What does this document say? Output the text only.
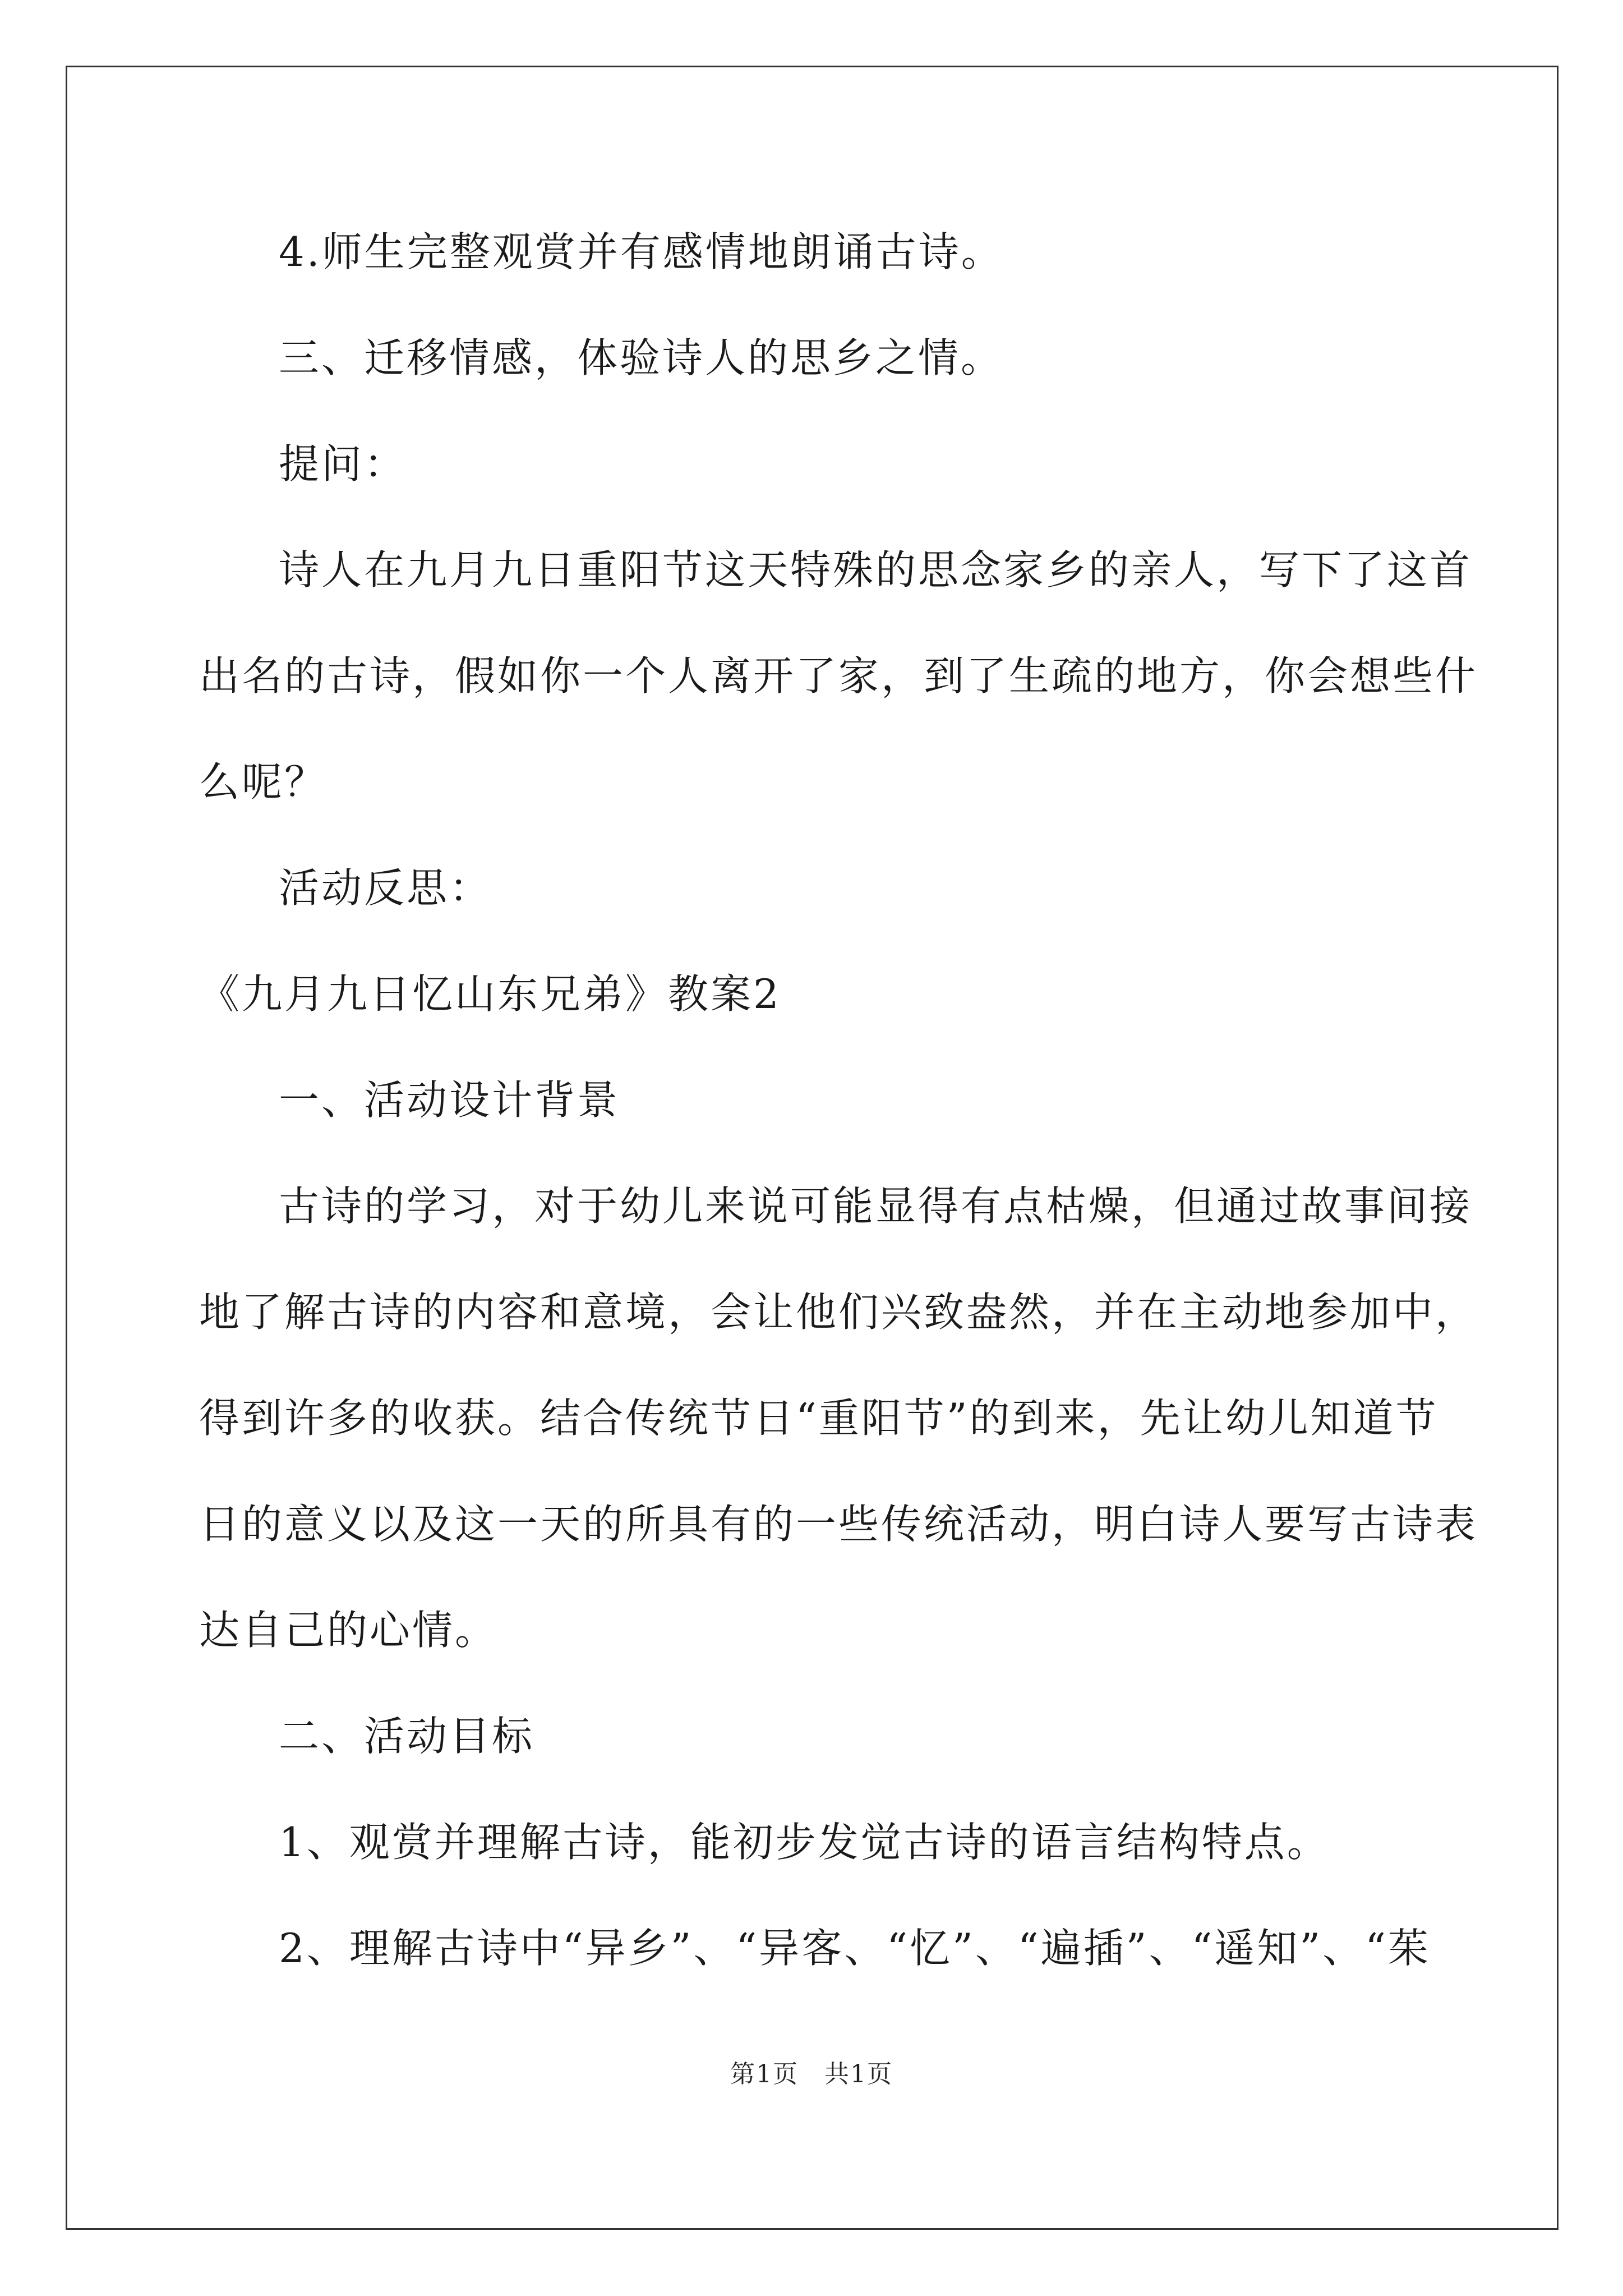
4.师生完整观赏并有感情地朗诵古诗。
三、迁移情感，体验诗人的思乡之情。
提问：
诗人在九月九日重阳节这天特殊的思念家乡的亲人，写下了这首
出名的古诗，假如你一个人离开了家，到了生疏的地方，你会想些什
么呢？
活动反思：
《九月九日忆山东兄弟》教案2
一、活动设计背景
古诗的学习，对于幼儿来说可能显得有点枯燥，但通过故事间接
地了解古诗的内容和意境，会让他们兴致盎然，并在主动地参加中，
得到许多的收获。结合传统节日“重阳节”的到来，先让幼儿知道节
日的意义以及这一天的所具有的一些传统活动，明白诗人要写古诗表
达自己的心情。
二、活动目标
1、观赏并理解古诗，能初步发觉古诗的语言结构特点。
2、理解古诗中“异乡”、“异客、“忆”、“遍插”、“遥知”、“茱
第1页　共1页
